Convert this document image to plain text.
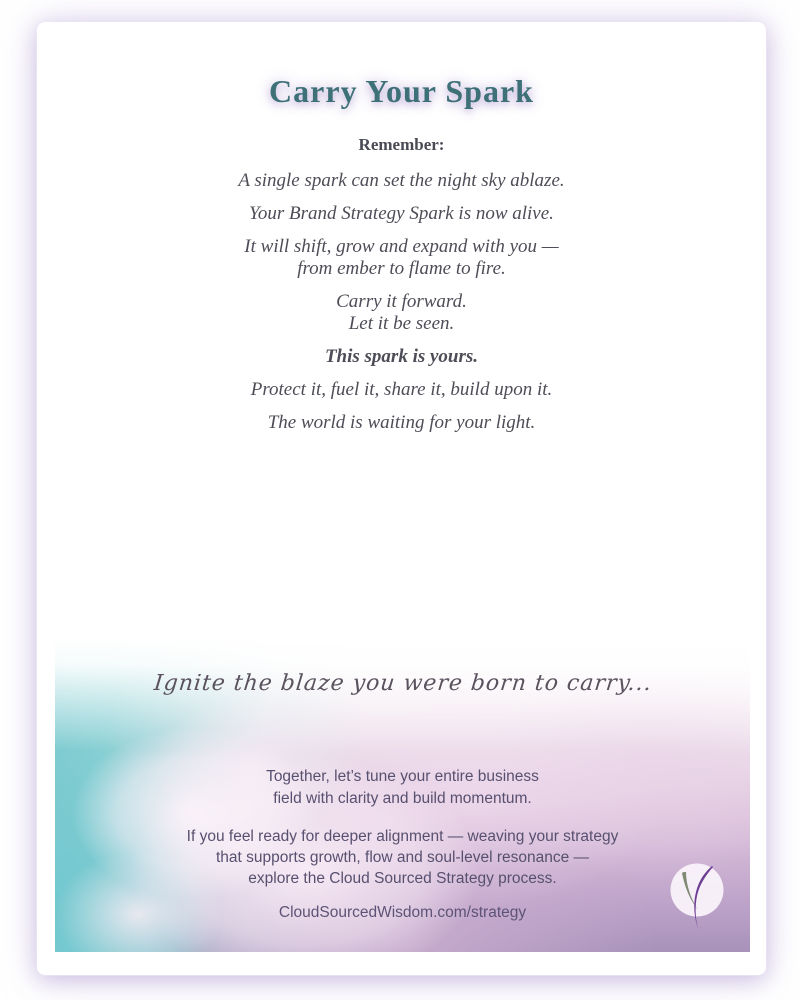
Carry Your Spark
Remember:
A single spark can set the night sky ablaze.
Your Brand Strategy Spark is now alive.
It will shift, grow and expand with you —
from ember to flame to fire.
Carry it forward.
Let it be seen.
This spark is yours.
Protect it, fuel it, share it, build upon it.
The world is waiting for your light.
Ignite the blaze you were born to carry...
Together, let’s tune your entire business
field with clarity and build momentum.
If you feel ready for deeper alignment — weaving your strategy
that supports growth, flow and soul-level resonance —
explore the Cloud Sourced Strategy process.
CloudSourcedWisdom.com/strategy
